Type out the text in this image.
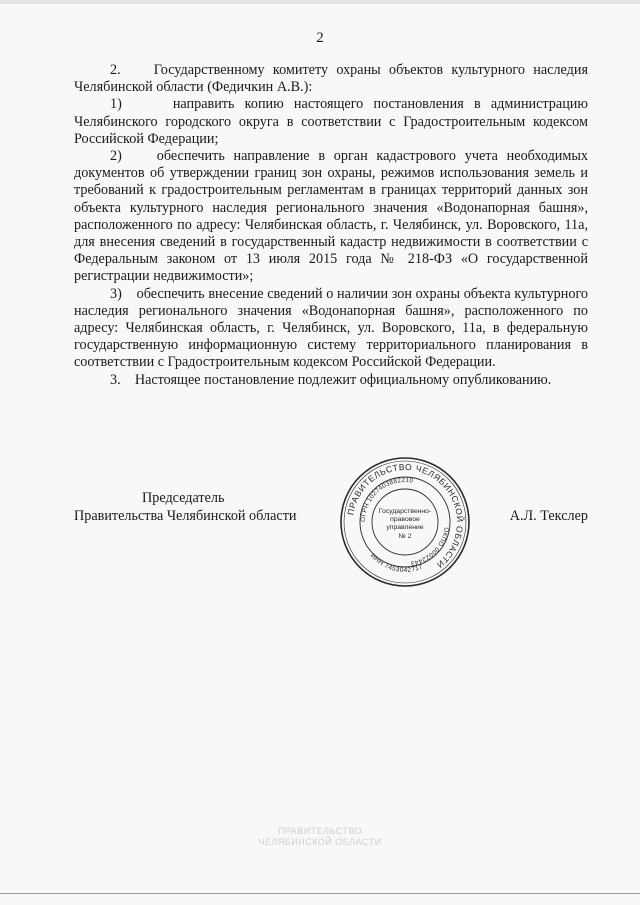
2

2.    Государственному комитету охраны объектов культурного наследия Челябинской области (Федичкин А.В.):

1)     направить копию настоящего постановления в администрацию Челябинского городского округа в соответствии с Градостроительным кодексом Российской Федерации;

2)    обеспечить направление в орган кадастрового учета необходимых документов об утверждении границ зон охраны, режимов использования земель и требований к градостроительным регламентам в границах территорий данных зон объекта культурного наследия регионального значения «Водонапорная башня», расположенного по адресу: Челябинская область, г. Челябинск, ул. Воровского, 11а, для внесения сведений в государственный кадастр недвижимости в соответствии с Федеральным законом от 13 июля 2015 года № 218-ФЗ «О государственной регистрации недвижимости»;

3)    обеспечить внесение сведений о наличии зон охраны объекта культурного наследия регионального значения «Водонапорная башня», расположенного по адресу: Челябинская область, г. Челябинск, ул. Воровского, 11а, в федеральную государственную информационную систему территориального планирования в соответствии с Градостроительным кодексом Российской Федерации.

3.    Настоящее постановление подлежит официальному опубликованию.

Председатель
Правительства Челябинской области	А.Л. Текслер
ПРАВИТЕЛЬСТВО ЧЕЛЯБИНСКОЙ ОБЛАСТИ
ОГРН 1027403882210
ОКПО 00022443
ИНН 7453042717
Государственно-
правовое
управление
№ 2
ПРАВИТЕЛЬСТВО
ЧЕЛЯБИНСКОЙ ОБЛАСТИ
